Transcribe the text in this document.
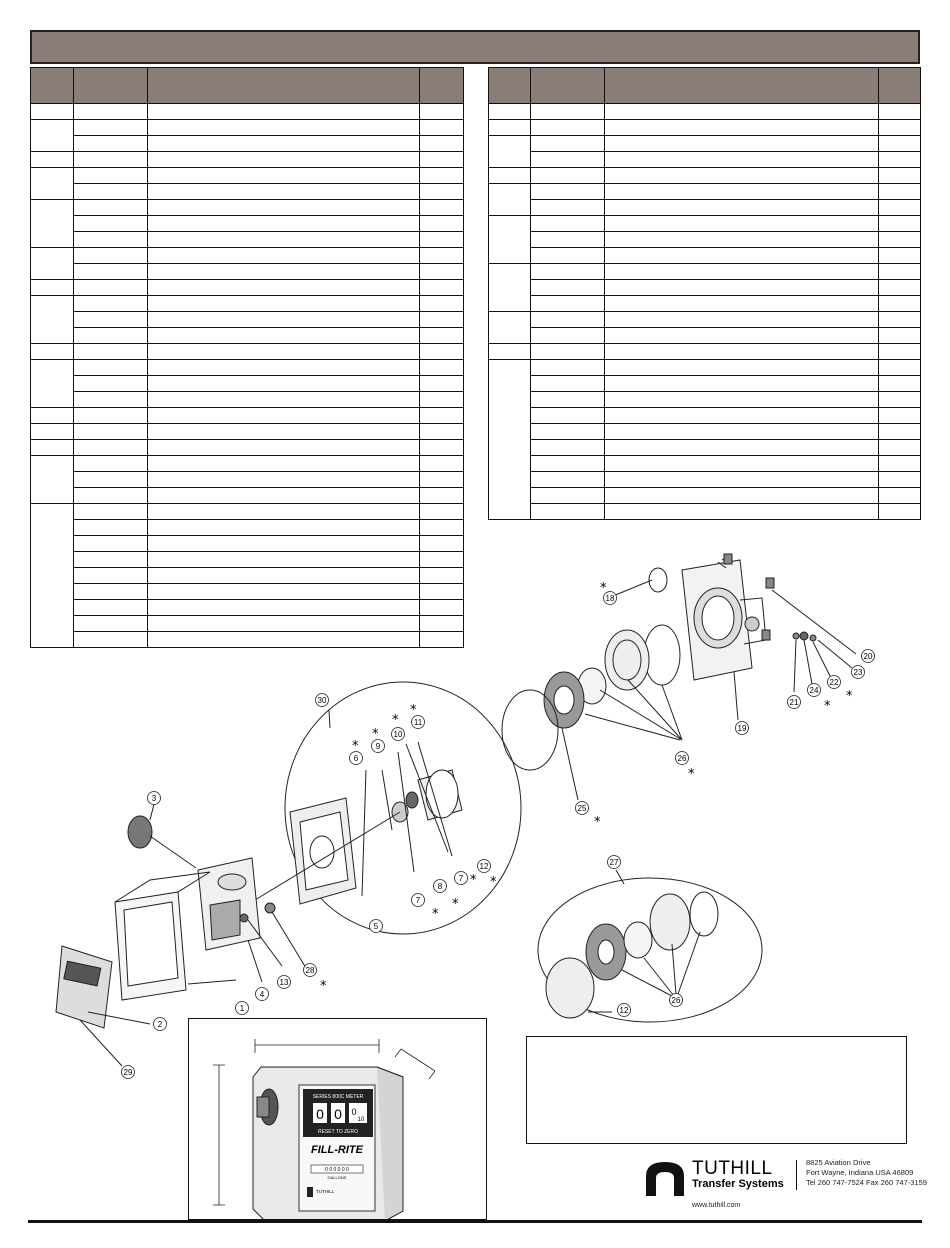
1
2
3
4
5
6
7
7
8
9
10
11
12
13
28
29
30
18
19
20
21
22
23
24
25
26
27
12
26
*
*
*
*
*
*
*
*
*
*
*
*
*
*
SERIES 800C METER
0 0 0
10
RESET TO ZERO
FILL-RITE
0 0 0 0 0 0
GALLONS
TUTHILL
TUTHILL
Transfer Systems
8825 Aviation Drive
Fort Wayne, Indiana USA 46809
Tel 260 747-7524 Fax 260 747-3159
www.tuthill.com
